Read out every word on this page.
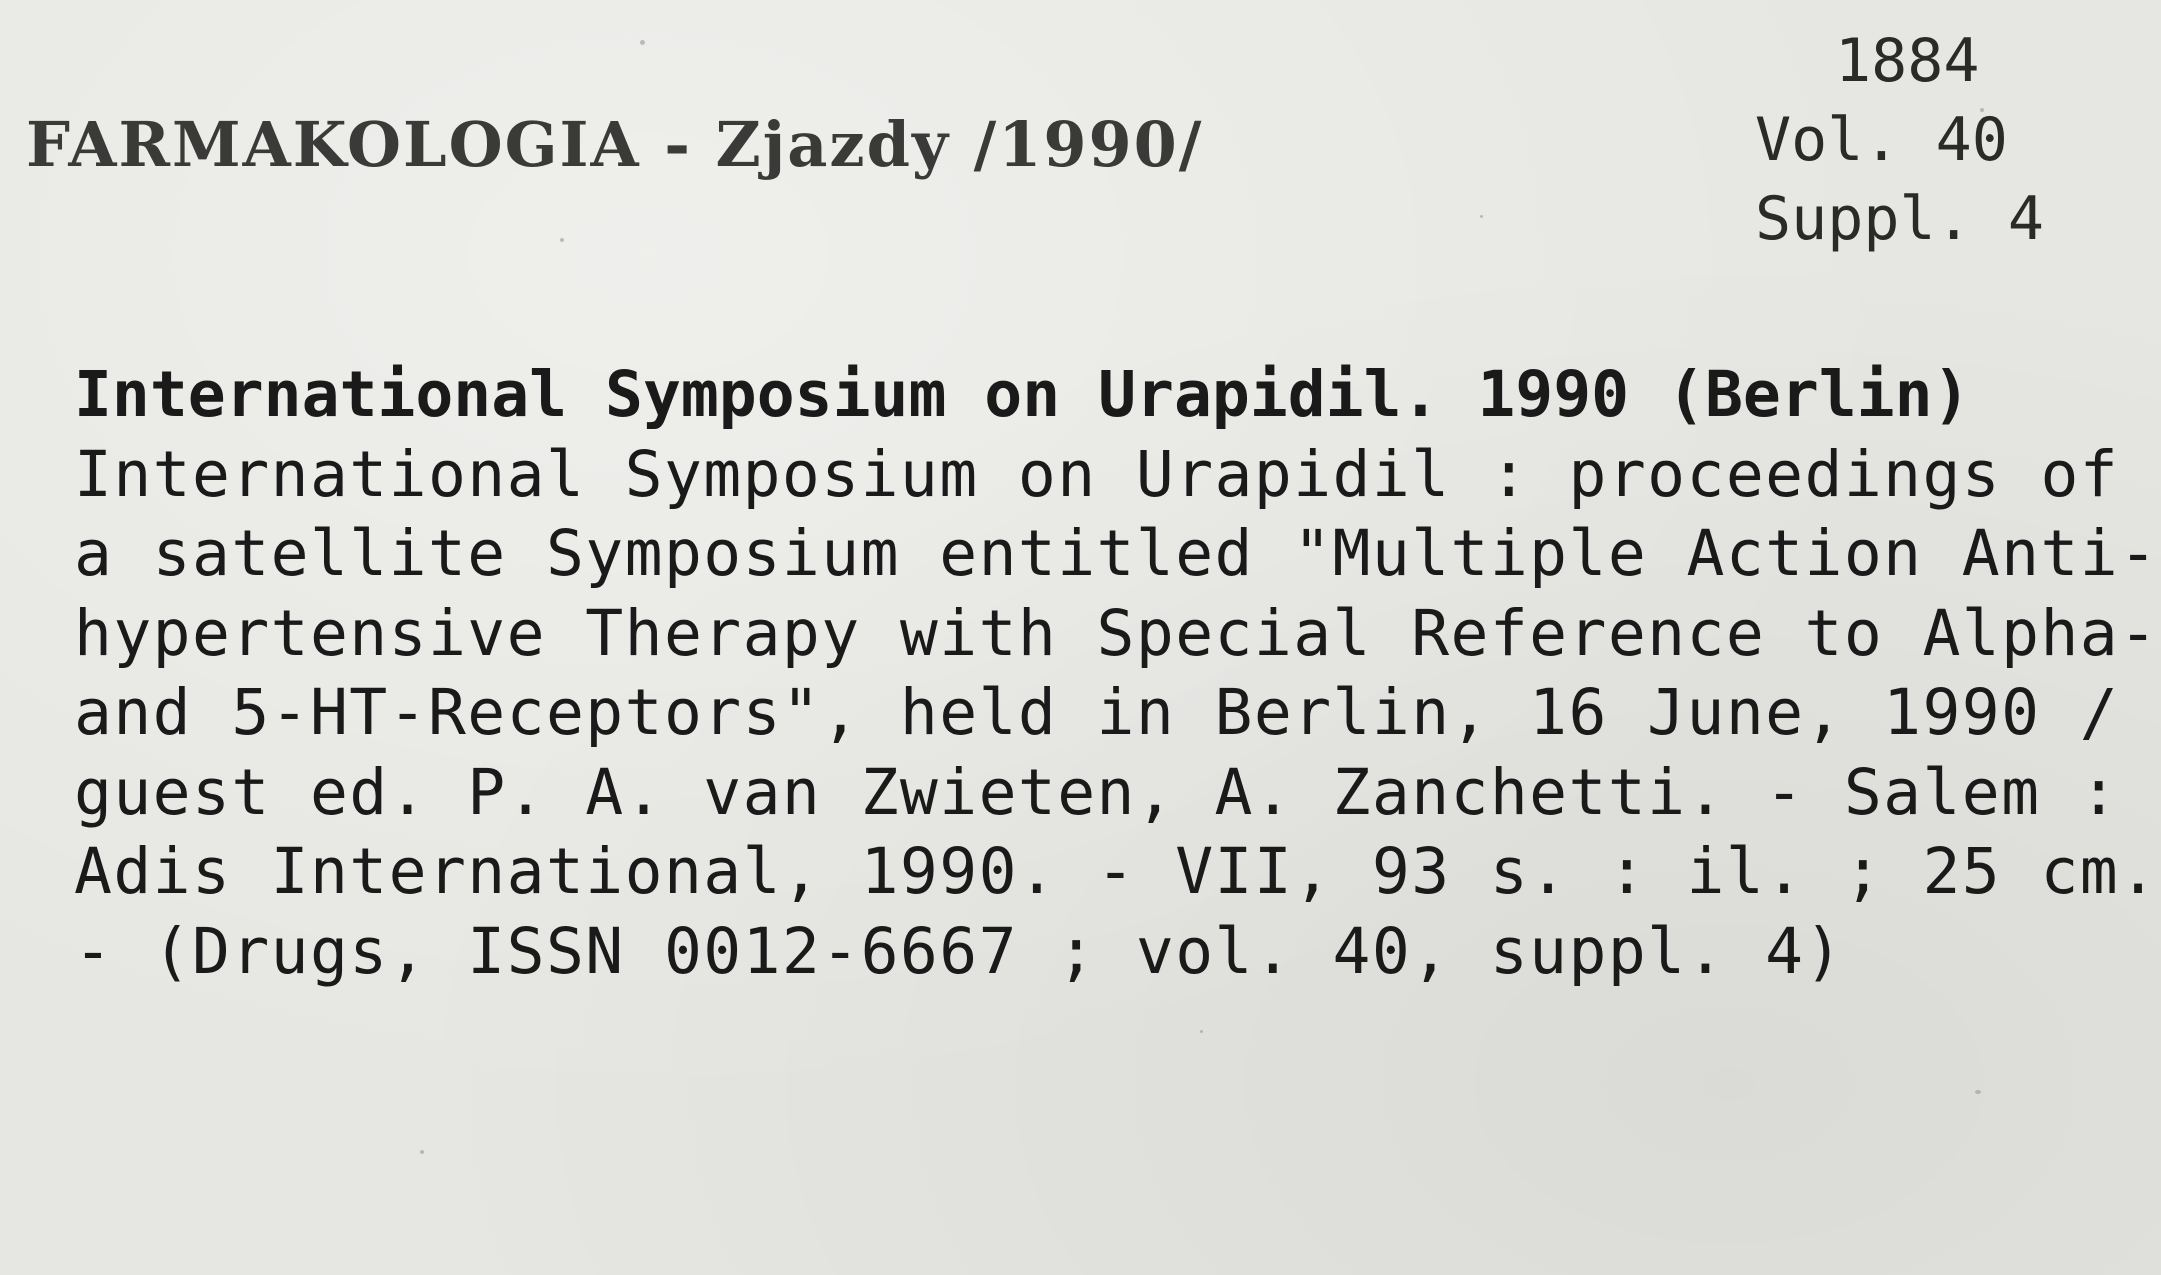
FARMAKOLOGIA - Zjazdy /1990/
1884
Vol. 40
Suppl. 4
International Symposium on Urapidil. 1990 (Berlin)
International Symposium on Urapidil : proceedings of
a satellite Symposium entitled "Multiple Action Anti-
hypertensive Therapy with Special Reference to Alpha-
and 5-HT-Receptors", held in Berlin, 16 June, 1990 /
guest ed. P. A. van Zwieten, A. Zanchetti. - Salem :
Adis International, 1990. - VII, 93 s. : il. ; 25 cm.
- (Drugs, ISSN 0012-6667 ; vol. 40, suppl. 4)
